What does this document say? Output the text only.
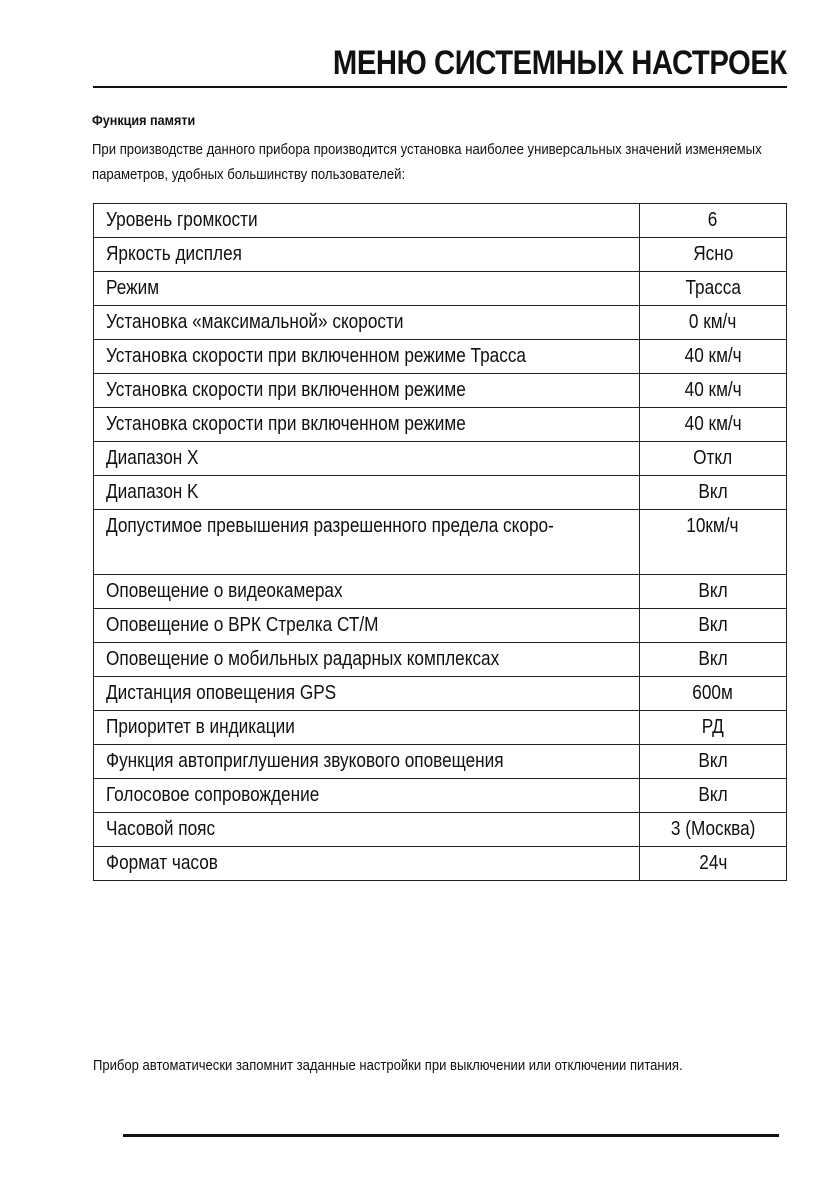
МЕНЮ СИСТЕМНЫХ НАСТРОЕК
Функция памяти

При производстве данного прибора производится установка наиболее универсальных значений изменяемых параметров, удобных большинству пользователей:

Уровень громкости	6
Яркость дисплея	Ясно
Режим	Трасса
Установка «максимальной» скорости	0 км/ч
Установка скорости при включенном режиме Трасса	40 км/ч
Установка скорости при включенном режиме	40 км/ч
Установка скорости при включенном режиме	40 км/ч
Диапазон X	Откл
Диапазон K	Вкл
Допустимое превышения разрешенного предела скоро-	10км/ч
Оповещение о видеокамерах	Вкл
Оповещение о ВРК Стрелка СТ/М	Вкл
Оповещение о мобильных радарных комплексах	Вкл
Дистанция оповещения GPS	600м
Приоритет в индикации	РД
Функция автоприглушения звукового оповещения	Вкл
Голосовое сопровождение	Вкл
Часовой пояс	3 (Москва)
Формат часов	24ч

Прибор автоматически запомнит заданные настройки при выключении или отключении питания.
